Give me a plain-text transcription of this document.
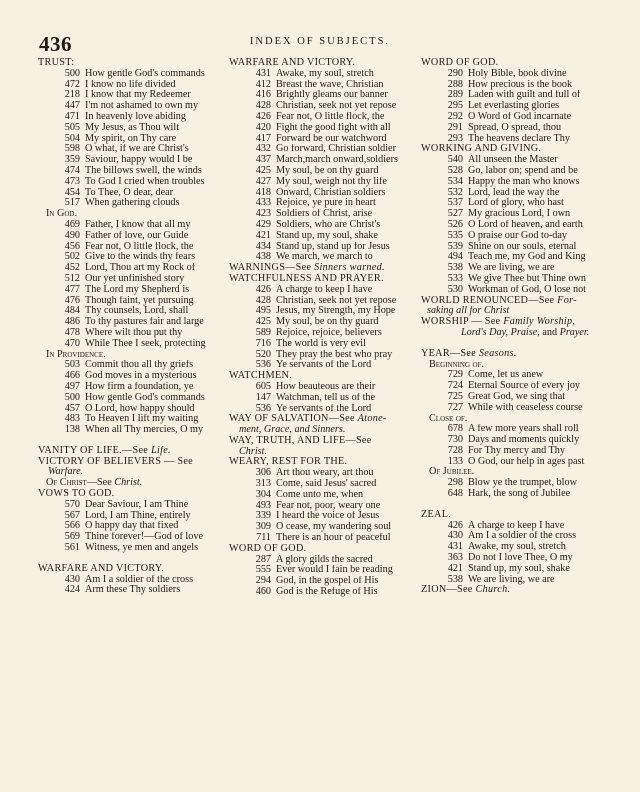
436	INDEX OF SUBJECTS.
TRUST:
500 How gentle God's commands
472 I know no life divided
218 I know that my Redeemer
447 I'm not ashamed to own my
471 In heavenly love abiding
505 My Jesus, as Thou wilt
504 My spirit, on Thy care
598 O what, if we are Christ's
359 Saviour, happy would I be
474 The billows swell, the winds
473 To God I cried when troubles
454 To Thee, O dear, dear
517 When gathering clouds
In God.
469 Father, I know that all my
490 Father of love, our Guide
456 Fear not, O little flock, the
502 Give to the winds thy fears
452 Lord, Thou art my Rock of
512 Our yet unfinished story
477 The Lord my Shepherd is
476 Though faint, yet pursuing
484 Thy counsels, Lord, shall
486 To thy pastures fair and large
478 Where wilt thou put thy
470 While Thee I seek, protecting
In Providence.
503 Commit thou all thy griefs
466 God moves in a mysterious
497 How firm a foundation, ye
500 How gentle God's commands
457 O Lord, how happy should
483 To Heaven I lift my waiting
138 When all Thy mercies, O my
VANITY OF LIFE.—See Life.
VICTORY OF BELIEVERS — See
Warfare.
Of Christ—See Christ.
VOWS TO GOD.
570 Dear Saviour, I am Thine
567 Lord, I am Thine, entirely
566 O happy day that fixed
569 Thine forever!—God of love
561 Witness, ye men and angels
WARFARE AND VICTORY.
430 Am I a soldier of the cross
424 Arm these Thy soldiers
WARFARE AND VICTORY.
431 Awake, my soul, stretch
412 Breast the wave, Christian
416 Brightly gleams our banner
428 Christian, seek not yet repose
426 Fear not, O little flock, the
420 Fight the good fight with all
417 Forward be our watchword
432 Go forward, Christian soldier
437 March,march onward,soldiers
425 My soul, be on thy guard
427 My soul, weigh not thy life
418 Onward, Christian soldiers
433 Rejoice, ye pure in heart
423 Soldiers of Christ, arise
429 Soldiers, who are Christ's
421 Stand up, my soul, shake
434 Stand up, stand up for Jesus
438 We march, we march to
WARNINGS—See Sinners warned.
WATCHFULNESS AND PRAYER.
426 A charge to keep I have
428 Christian, seek not yet repose
495 Jesus, my Strength, my Hope
425 My soul, be on thy guard
589 Rejoice, rejoice, believers
716 The world is very evil
520 They pray the best who pray
536 Ye servants of the Lord
WATCHMEN.
605 How beauteous are their
147 Watchman, tell us of the
536 Ye servants of the Lord
WAY OF SALVATION—See Atone-
ment, Grace, and Sinners.
WAY, TRUTH, AND LIFE—See
Christ.
WEARY, REST FOR THE.
306 Art thou weary, art thou
313 Come, said Jesus' sacred
304 Come unto me, when
493 Fear not, poor, weary one
339 I heard the voice of Jesus
309 O cease, my wandering soul
711 There is an hour of peaceful
WORD OF GOD.
287 A glory gilds the sacred
555 Ever would I fain be reading
294 God, in the gospel of His
460 God is the Refuge of His
WORD OF GOD.
290 Holy Bible, book divine
288 How precious is the book
289 Laden with guilt and full of
295 Let everlasting glories
292 O Word of God incarnate
291 Spread, O spread, thou
293 The heavens declare Thy
WORKING AND GIVING.
540 All unseen the Master
528 Go, labor on; spend and be
534 Happy the man who knows
532 Lord, lead the way the
537 Lord of glory, who hast
527 My gracious Lord, I own
526 O Lord of heaven, and earth
535 O praise our God to-day
539 Shine on our souls, eternal
494 Teach me, my God and King
538 We are living, we are
533 We give Thee but Thine own
530 Workman of God, O lose not
WORLD RENOUNCED—See For-
saking all for Christ
WORSHIP — See Family Worship,
Lord's Day, Praise, and Prayer.
YEAR—See Seasons.
Beginning of.
729 Come, let us anew
724 Eternal Source of every joy
725 Great God, we sing that
727 While with ceaseless course
Close of.
678 A few more years shall roll
730 Days and moments quickly
728 For Thy mercy and Thy
133 O God, our help in ages past
Of Jubilee.
298 Blow ye the trumpet, blow
648 Hark, the song of Jubilee
ZEAL.
426 A charge to keep I have
430 Am I a soldier of the cross
431 Awake, my soul, stretch
363 Do not I love Thee, O my
421 Stand up, my soul, shake
538 We are living, we are
ZION—See Church.
